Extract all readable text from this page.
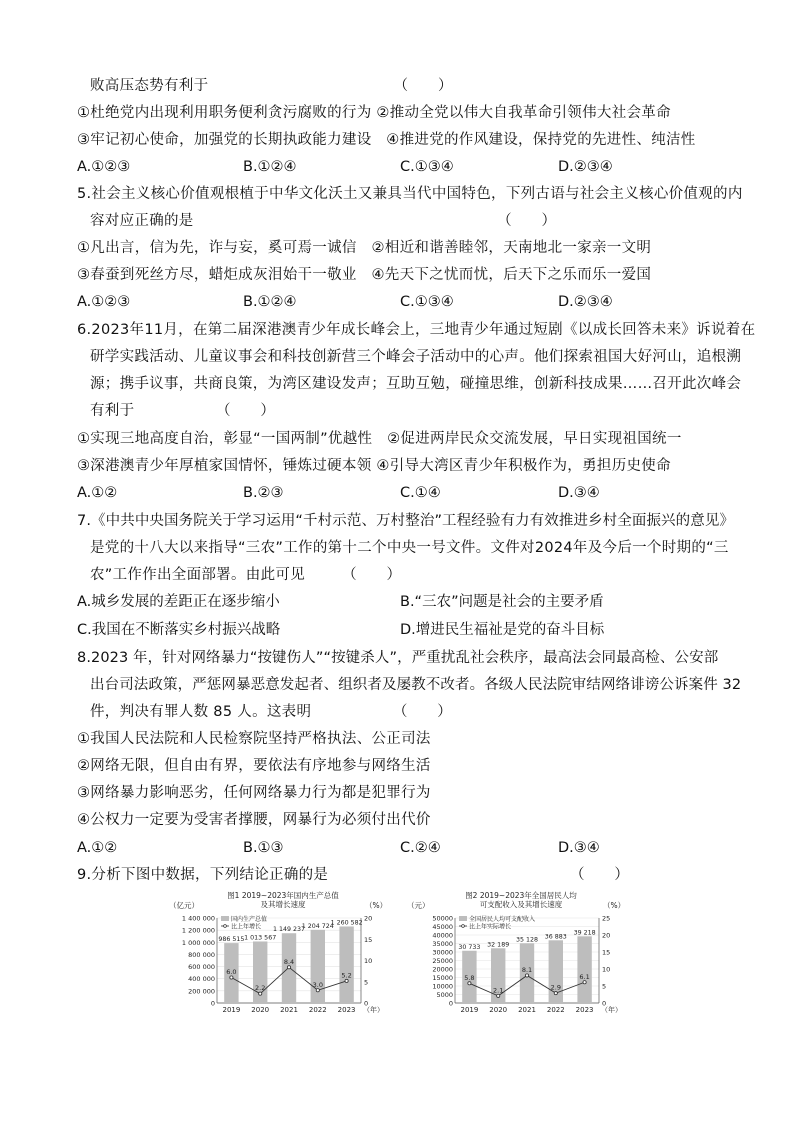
败高压态势有利于　　　　　　　　　　　　　（　　）
①杜绝党内出现利用职务便利贪污腐败的行为 ②推动全党以伟大自我革命引领伟大社会革命
③牢记初心使命，加强党的长期执政能力建设　④推进党的作风建设，保持党的先进性、纯洁性
A.①②③	B.①②④	C.①③④	D.②③④
5.社会主义核心价值观根植于中华文化沃土又兼具当代中国特色，下列古语与社会主义核心价值观的内
容对应正确的是　　　　　　　　　　　　　　　　　　　　　（　　）
①凡出言，信为先，诈与妄，奚可焉一诚信　②相近和谐善睦邻，天南地北一家亲一文明
③春蚕到死丝方尽，蜡炬成灰泪始干一敬业　④先天下之忧而忧，后天下之乐而乐一爱国
A.①②③	B.①②④	C.①③④	D.②③④
6.2023年11月，在第二届深港澳青少年成长峰会上，三地青少年通过短剧《以成长回答未来》诉说着在
研学实践活动、儿童议事会和科技创新营三个峰会子活动中的心声。他们探索祖国大好河山，追根溯
源；携手议事，共商良策，为湾区建设发声；互助互勉，碰撞思维，创新科技成果……召开此次峰会
有利于　　　　　　（　　）
①实现三地高度自治，彰显“一国两制”优越性　②促进两岸民众交流发展，早日实现祖国统一
③深港澳青少年厚植家国情怀，锤炼过硬本领 ④引导大湾区青少年积极作为，勇担历史使命
A.①②	B.②③	C.①④	D.③④
7.《中共中央国务院关于学习运用“千村示范、万村整治”工程经验有力有效推进乡村全面振兴的意见》
是党的十八大以来指导“三农”工作的第十二个中央一号文件。文件对2024年及今后一个时期的“三
农”工作作出全面部署。由此可见　　　（　　）
A.城乡发展的差距正在逐步缩小	B.“三农”问题是社会的主要矛盾
C.我国在不断落实乡村振兴战略	D.增进民生福祉是党的奋斗目标
8.2023 年，针对网络暴力“按键伤人”“按键杀人”，严重扰乱社会秩序，最高法会同最高检、公安部
出台司法政策，严惩网暴恶意发起者、组织者及屡教不改者。各级人民法院审结网络诽谤公诉案件 32
件，判决有罪人数 85 人。这表明　　　　　　（　　）
①我国人民法院和人民检察院坚持严格执法、公正司法
②网络无限，但自由有界，要依法有序地参与网络生活
③网络暴力影响恶劣，任何网络暴力行为都是犯罪行为
④公权力一定要为受害者撑腰，网暴行为必须付出代价
A.①②	B.①③	C.②④	D.③④
9.分析下图中数据，下列结论正确的是	（　　）
图1 2019~2023年国内生产总值
及其增长速度
（亿元）	（%）
0
200 000
400 000
600 000
800 000
1 000 000
1 200 000
1 400 000
0
5
10
15
20
986 515
2019
1 013 567
2020
1 149 237
2021
1 204 724
2022
1 260 582
2023
6.0
2.2
8.4
3.0
5.2
（年）
国内生产总值
比上年增长
图2 2019~2023年全国居民人均
可支配收入及其增长速度
（元）	（%）
0
5000
10000
15000
20000
25000
30000
35000
40000
45000
50000
0
5
10
15
20
25
30 733
2019
32 189
2020
35 128
2021
36 883
2022
39 218
2023
5.8
2.1
8.1
2.9
6.1
（年）
全国居民人均可支配收入
比上年实际增长
